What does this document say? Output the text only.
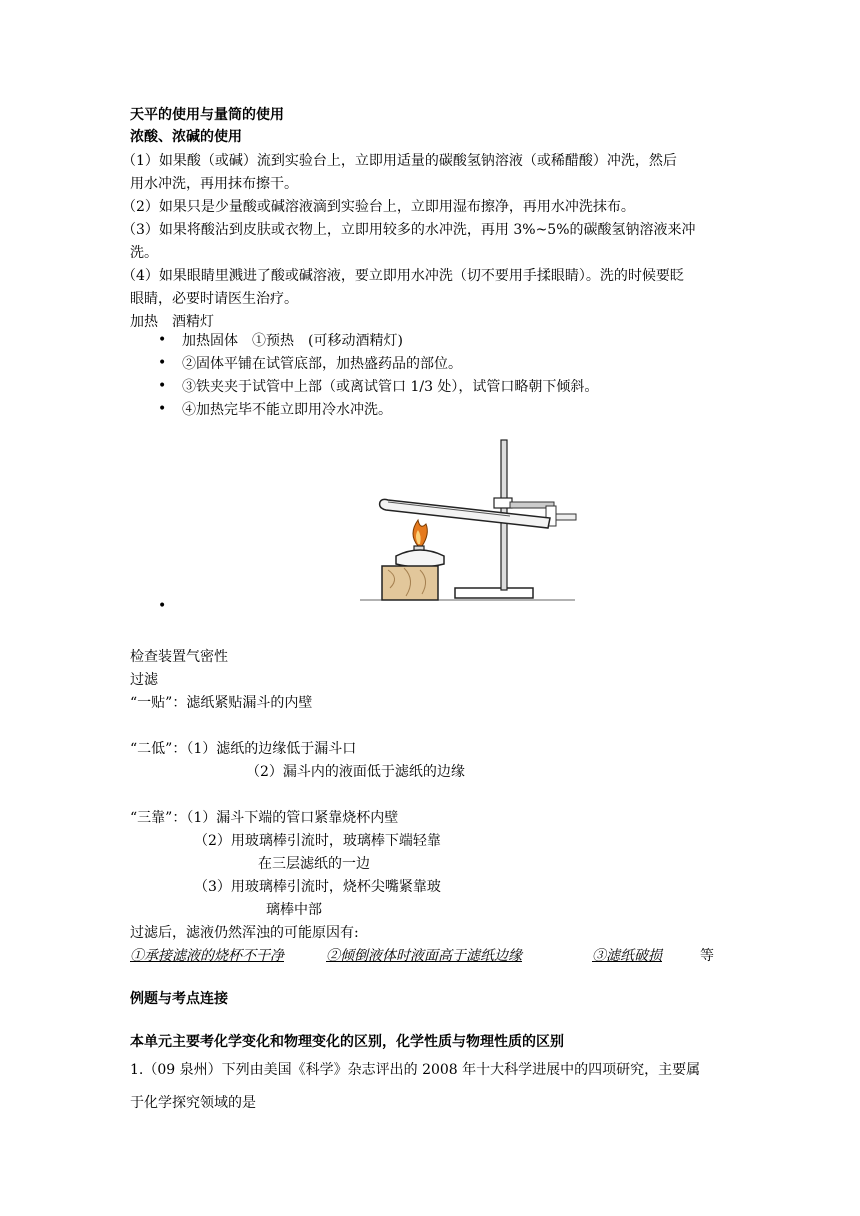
天平的使用与量筒的使用
浓酸、浓碱的使用
（1）如果酸（或碱）流到实验台上，立即用适量的碳酸氢钠溶液（或稀醋酸）冲洗，然后
用水冲洗，再用抹布擦干。
（2）如果只是少量酸或碱溶液滴到实验台上，立即用湿布擦净，再用水冲洗抹布。
（3）如果将酸沾到皮肤或衣物上，立即用较多的水冲洗，再用 3%~5%的碳酸氢钠溶液来冲
洗。
（4）如果眼睛里溅进了酸或碱溶液，要立即用水冲洗（切不要用手揉眼睛）。洗的时候要眨
眼睛，必要时请医生治疗。
加热　酒精灯
• 加热固体　①预热　(可移动酒精灯)
• ②固体平铺在试管底部，加热盛药品的部位。
• ③铁夹夹于试管中上部（或离试管口 1/3 处），试管口略朝下倾斜。
• ④加热完毕不能立即用冷水冲洗。
•
检查装置气密性
过滤
“一贴”：滤纸紧贴漏斗的内壁
“二低”：（1）滤纸的边缘低于漏斗口
（2）漏斗内的液面低于滤纸的边缘
“三靠”：（1）漏斗下端的管口紧靠烧杯内壁
（2）用玻璃棒引流时，玻璃棒下端轻靠
在三层滤纸的一边
（3）用玻璃棒引流时，烧杯尖嘴紧靠玻
璃棒中部
过滤后，滤液仍然浑浊的可能原因有:
①承接滤液的烧杯不干净	②倾倒液体时液面高于滤纸边缘	③滤纸破损	等
例题与考点连接
本单元主要考化学变化和物理变化的区别，化学性质与物理性质的区别
1.（09 泉州）下列由美国《科学》杂志评出的 2008 年十大科学进展中的四项研究，主要属
于化学探究领域的是
